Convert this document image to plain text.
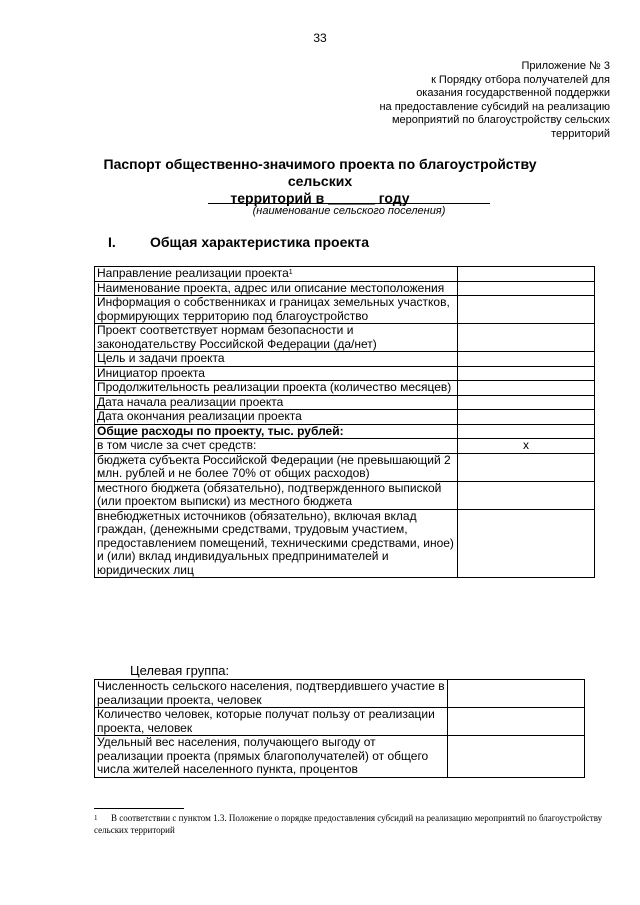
33
Приложение № 3
к Порядку отбора получателей для
оказания государственной поддержки
на предоставление субсидий на реализацию
мероприятий по благоустройству сельских
территорий
Паспорт общественно-значимого проекта по благоустройству сельских
территорий в ______ году
(наименование сельского поселения)
I. Общая характеристика проекта
Направление реализации проекта$^1$	
Наименование проекта, адрес или описание местоположения	
Информация о собственниках и границах земельных участков, формирующих территорию под благоустройство	
Проект соответствует нормам безопасности и законодательству Российской Федерации (да/нет)	
Цель и задачи проекта	
Инициатор проекта	
Продолжительность реализации проекта (количество месяцев)	
Дата начала реализации проекта	
Дата окончания реализации проекта	
Общие расходы по проекту, тыс. рублей:	
в том числе за счет средств:	х
бюджета субъекта Российской Федерации (не превышающий 2 млн. рублей и не более 70% от общих расходов)	
местного бюджета (обязательно), подтвержденного выпиской (или проектом выписки) из местного бюджета	
внебюджетных источников (обязательно), включая вклад граждан, (денежными средствами, трудовым участием, предоставлением помещений, техническими средствами, иное) и (или) вклад индивидуальных предпринимателей и юридических лиц	
Целевая группа:
Численность сельского населения, подтвердившего участие в реализации проекта, человек	
Количество человек, которые получат пользу от реализации проекта, человек	
Удельный вес населения, получающего выгоду от реализации проекта (прямых благополучателей) от общего числа жителей населенного пункта, процентов	
1 В соответствии с пунктом 1.3. Положение о порядке предоставления субсидий на реализацию мероприятий по благоустройству сельских территорий
